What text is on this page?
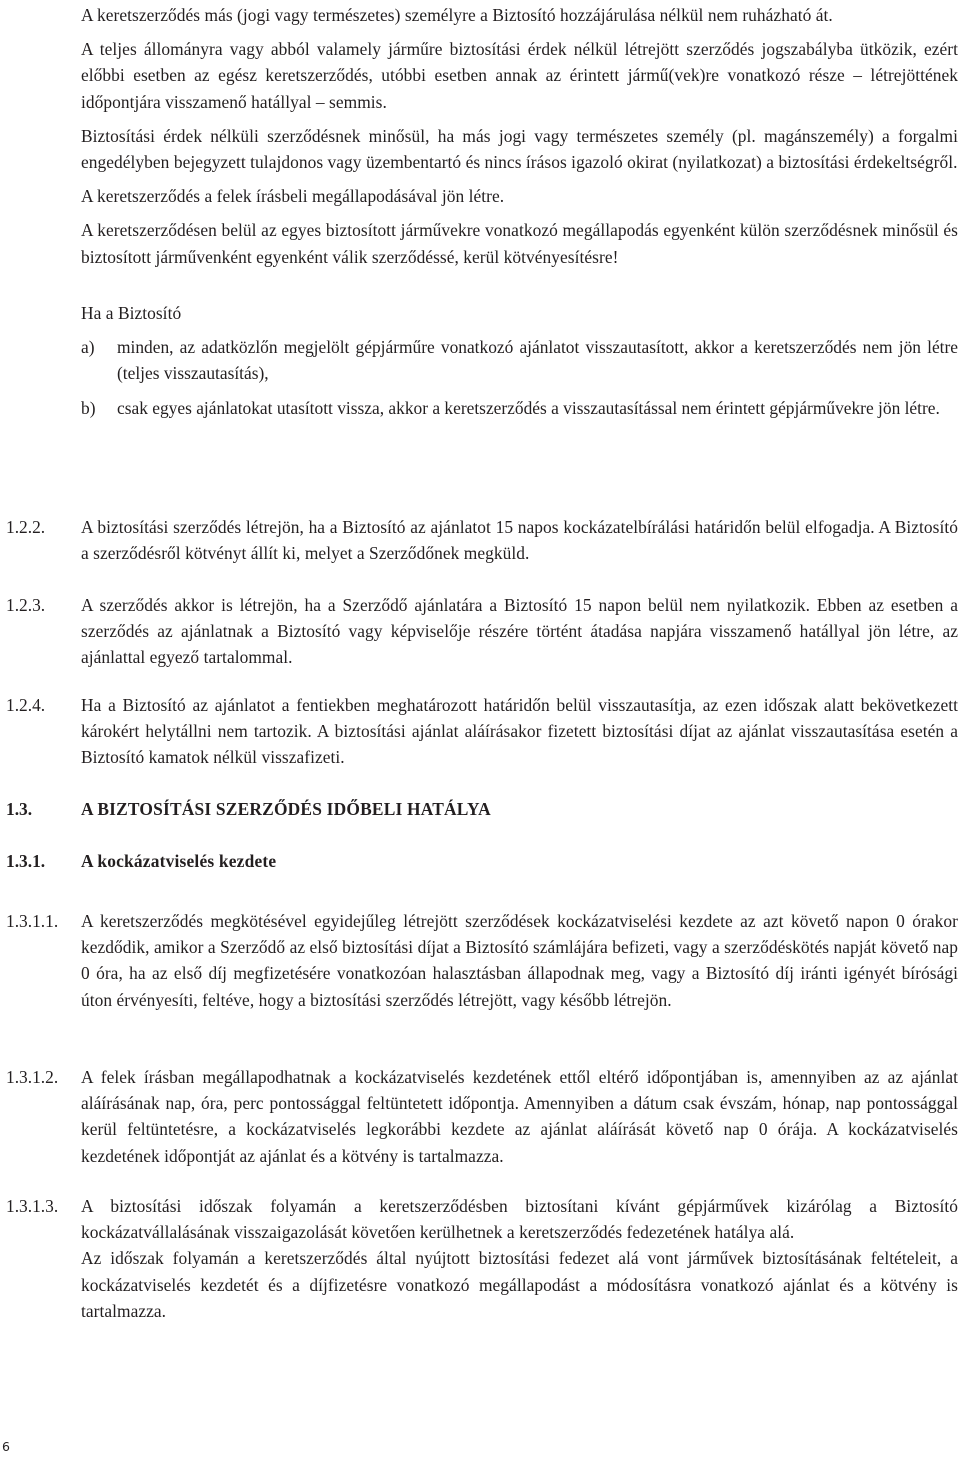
A keretszerződés más (jogi vagy természetes) személyre a Biztosító hozzájárulása nélkül nem ruházható át.

A teljes állományra vagy abból valamely járműre biztosítási érdek nélkül létrejött szerződés jogszabályba ütközik, ezért előbbi esetben az egész keretszerződés, utóbbi esetben annak az érintett jármű(vek)re vonatkozó része – létrejöttének időpontjára visszamenő hatállyal – semmis.

Biztosítási érdek nélküli szerződésnek minősül, ha más jogi vagy természetes személy (pl. magánszemély) a forgalmi engedélyben bejegyzett tulajdonos vagy üzembentartó és nincs írásos igazoló okirat (nyilatkozat) a biztosítási érdekeltségről.

A keretszerződés a felek írásbeli megállapodásával jön létre.

A keretszerződésen belül az egyes biztosított járművekre vonatkozó megállapodás egyenként külön szerződésnek minősül és biztosított járművenként egyenként válik szerződéssé, kerül kötvényesítésre!

Ha a Biztosító

a)	minden, az adatközlőn megjelölt gépjárműre vonatkozó ajánlatot visszautasított, akkor a keretszerződés nem jön létre (teljes visszautasítás),
b)	csak egyes ajánlatokat utasított vissza, akkor a keretszerződés a visszautasítással nem érintett gépjárművekre jön létre.
1.2.2. A biztosítási szerződés létrejön, ha a Biztosító az ajánlatot 15 napos kockázatelbírálási határidőn belül elfogadja. A Biztosító a szerződésről kötvényt állít ki, melyet a Szerződőnek megküld.

1.2.3. A szerződés akkor is létrejön, ha a Szerződő ajánlatára a Biztosító 15 napon belül nem nyilatkozik. Ebben az esetben a szerződés az ajánlatnak a Biztosító vagy képviselője részére történt átadása napjára visszamenő hatállyal jön létre, az ajánlattal egyező tartalommal.

1.2.4. Ha a Biztosító az ajánlatot a fentiekben meghatározott határidőn belül visszautasítja, az ezen időszak alatt bekövetkezett károkért helytállni nem tartozik. A biztosítási ajánlat aláírásakor fizetett biztosítási díjat az ajánlat visszautasítása esetén a Biztosító kamatok nélkül visszafizeti.

1.3.	A BIZTOSÍTÁSI SZERZŐDÉS IDŐBELI HATÁLYA
1.3.1. A kockázatviselés kezdete
1.3.1.1. A keretszerződés megkötésével egyidejűleg létrejött szerződések kockázatviselési kezdete az azt követő napon 0 órakor kezdődik, amikor a Szerződő az első biztosítási díjat a Biztosító számlájára befizeti, vagy a szerződéskötés napját követő nap 0 óra, ha az első díj megfizetésére vonatkozóan halasztásban állapodnak meg, vagy a Biztosító díj iránti igényét bírósági úton érvényesíti, feltéve, hogy a biztosítási szerződés létrejött, vagy később létrejön.

1.3.1.2. A felek írásban megállapodhatnak a kockázatviselés kezdetének ettől eltérő időpontjában is, amennyiben az az ajánlat aláírásának nap, óra, perc pontossággal feltüntetett időpontja. Amennyiben a dátum csak évszám, hónap, nap pontossággal kerül feltüntetésre, a kockázatviselés legkorábbi kezdete az ajánlat aláírását követő nap 0 órája. A kockázatviselés kezdetének időpontját az ajánlat és a kötvény is tartalmazza.

1.3.1.3. A biztosítási időszak folyamán a keretszerződésben biztosítani kívánt gépjárművek kizárólag a Biztosító kockázatvállalásának visszaigazolását követően kerülhetnek a keretszerződés fedezetének hatálya alá.

Az időszak folyamán a keretszerződés által nyújtott biztosítási fedezet alá vont járművek biztosításának feltételeit, a kockázatviselés kezdetét és a díjfizetésre vonatkozó megállapodást a módosításra vonatkozó ajánlat és a kötvény is tartalmazza.

6
